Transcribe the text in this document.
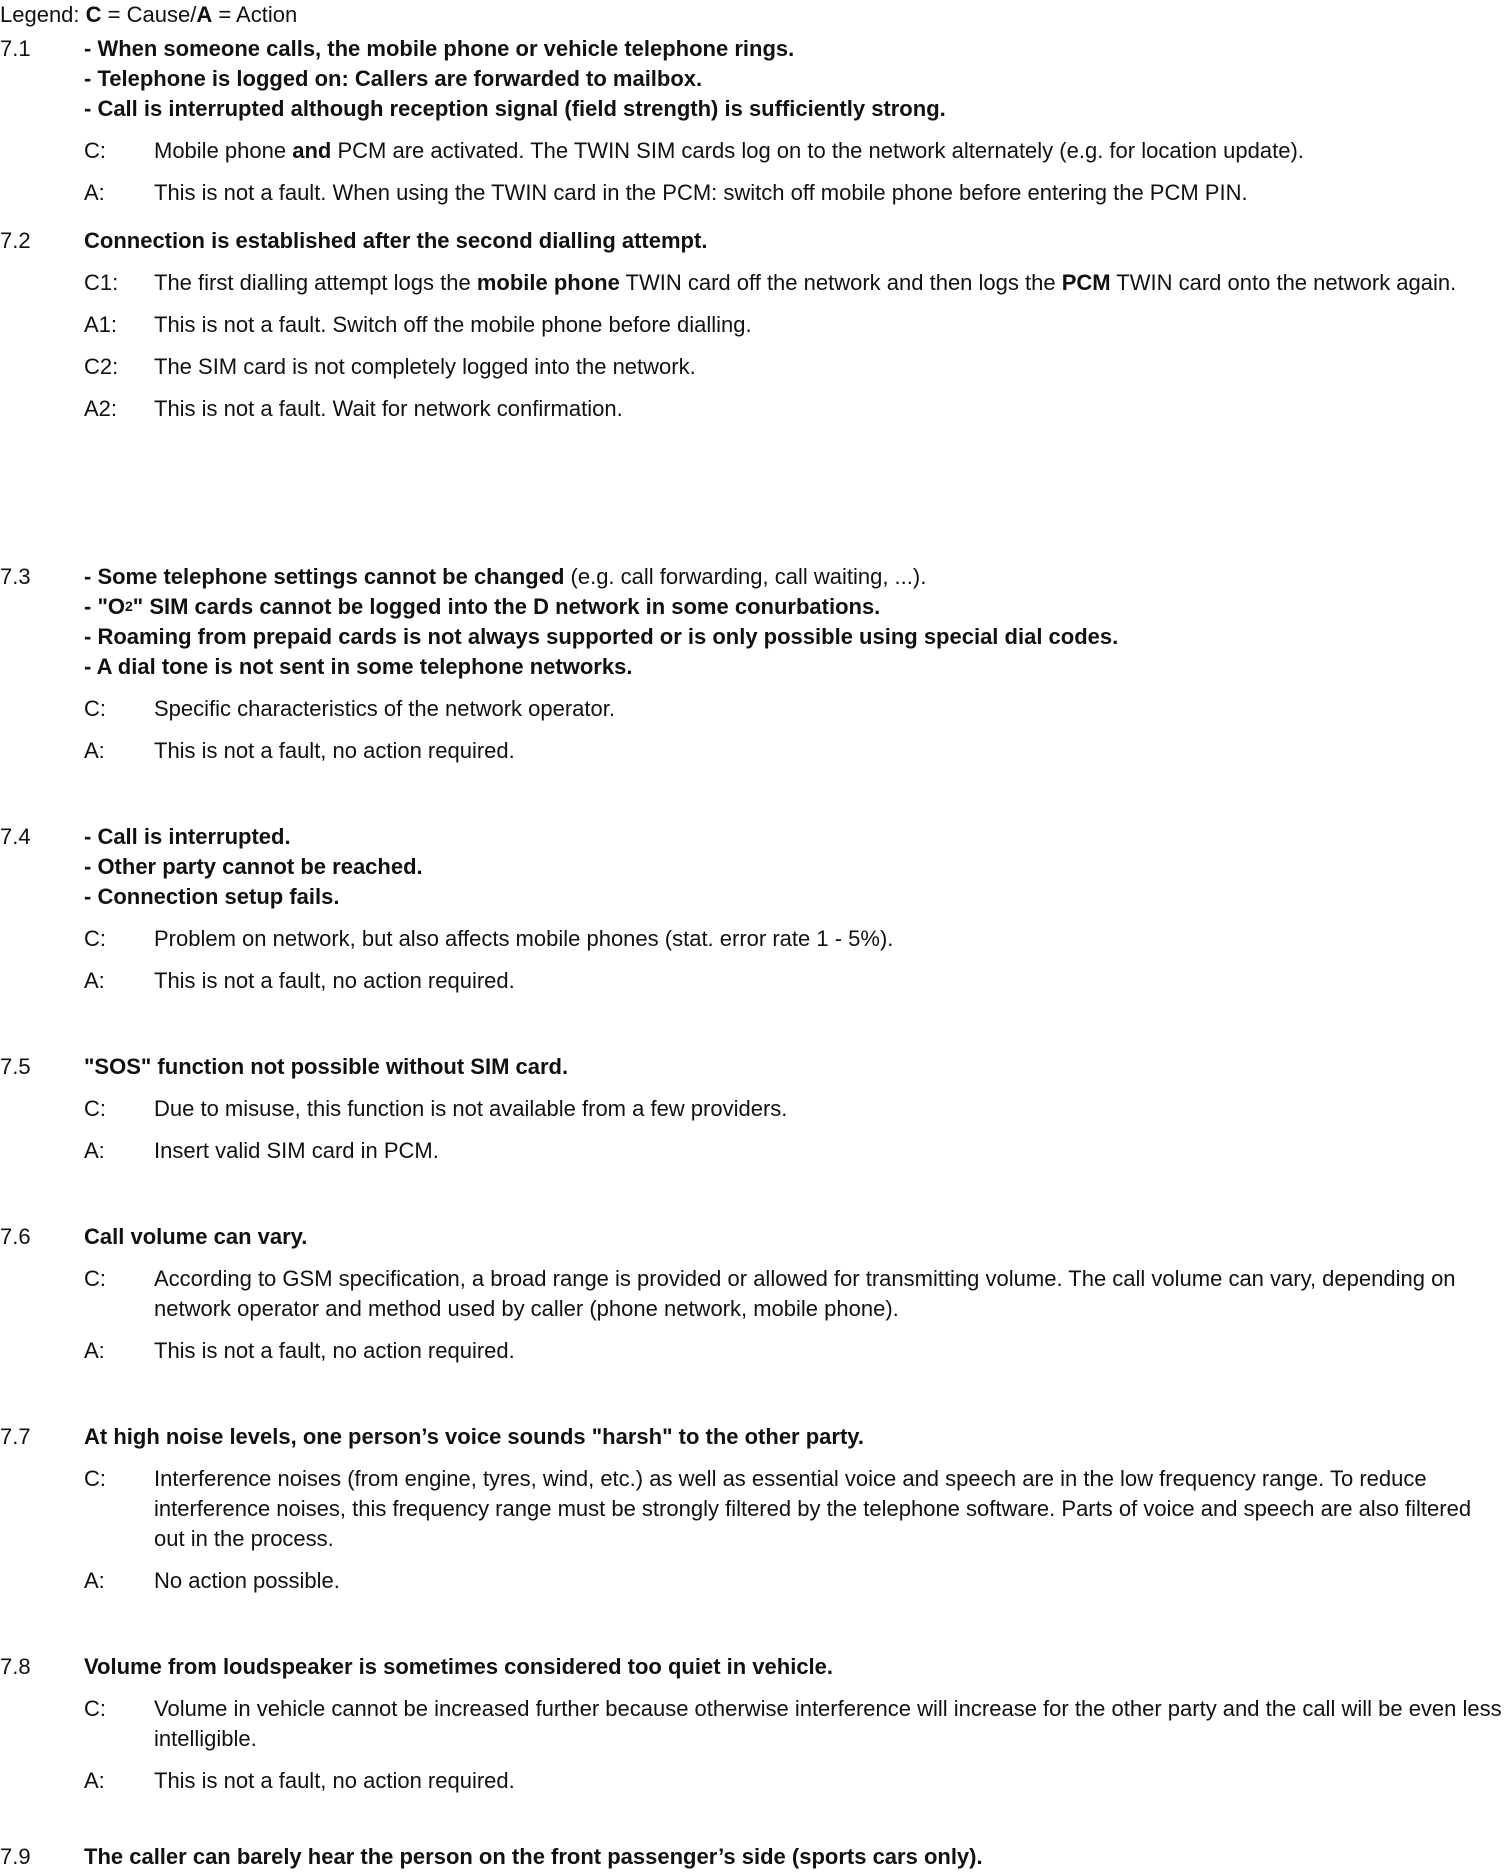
Legend: C = Cause/A = Action
7.1	- When someone calls, the mobile phone or vehicle telephone rings.
- Telephone is logged on: Callers are forwarded to mailbox.
- Call is interrupted although reception signal (field strength) is sufficiently strong.
C:	Mobile phone and PCM are activated. The TWIN SIM cards log on to the network alternately (e.g. for location update).
A:	This is not a fault. When using the TWIN card in the PCM: switch off mobile phone before entering the PCM PIN.
7.2	Connection is established after the second dialling attempt.
C1:	The first dialling attempt logs the mobile phone TWIN card off the network and then logs the PCM TWIN card onto the network again.
A1:	This is not a fault. Switch off the mobile phone before dialling.
C2:	The SIM card is not completely logged into the network.
A2:	This is not a fault. Wait for network confirmation.
7.3	- Some telephone settings cannot be changed (e.g. call forwarding, call waiting, ...).
- "$O^2$" SIM cards cannot be logged into the D network in some conurbations.
- Roaming from prepaid cards is not always supported or is only possible using special dial codes.
- A dial tone is not sent in some telephone networks.
C:	Specific characteristics of the network operator.
A:	This is not a fault, no action required.
7.4	- Call is interrupted.
- Other party cannot be reached.
- Connection setup fails.
C:	Problem on network, but also affects mobile phones (stat. error rate 1 - 5%).
A:	This is not a fault, no action required.
7.5	"SOS" function not possible without SIM card.
C:	Due to misuse, this function is not available from a few providers.
A:	Insert valid SIM card in PCM.
7.6	Call volume can vary.
C:	According to GSM specification, a broad range is provided or allowed for transmitting volume. The call volume can vary, depending on network operator and method used by caller (phone network, mobile phone).
A:	This is not a fault, no action required.
7.7	At high noise levels, one person’s voice sounds "harsh" to the other party.
C:	Interference noises (from engine, tyres, wind, etc.) as well as essential voice and speech are in the low frequency range. To reduce interference noises, this frequency range must be strongly filtered by the telephone software. Parts of voice and speech are also filtered out in the process.
A:	No action possible.
7.8	Volume from loudspeaker is sometimes considered too quiet in vehicle.
C:	Volume in vehicle cannot be increased further because otherwise interference will increase for the other party and the call will be even less intelligible.
A:	This is not a fault, no action required.
7.9	The caller can barely hear the person on the front passenger’s side (sports cars only).
